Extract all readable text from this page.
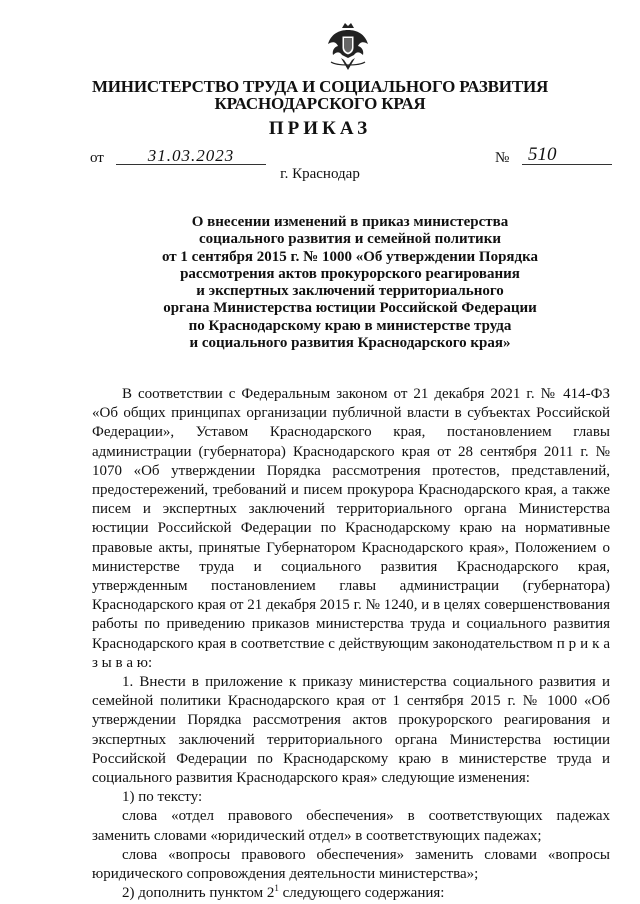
МИНИСТЕРСТВО ТРУДА И СОЦИАЛЬНОГО РАЗВИТИЯ
КРАСНОДАРСКОГО КРАЯ
ПРИКАЗ
от	31.03.2023	№ 510
г. Краснодар
О внесении изменений в приказ министерства
социального развития и семейной политики
от 1 сентября 2015 г. № 1000 «Об утверждении Порядка
рассмотрения актов прокурорского реагирования
и экспертных заключений территориального
органа Министерства юстиции Российской Федерации
по Краснодарскому краю в министерстве труда
и социального развития Краснодарского края»

В соответствии с Федеральным законом от 21 декабря 2021 г. № 414-ФЗ «Об общих принципах организации публичной власти в субъектах Российской Федерации», Уставом Краснодарского края, постановлением главы администрации (губернатора) Краснодарского края от 28 сентября 2011 г. № 1070 «Об утверждении Порядка рассмотрения протестов, представлений, предостережений, требований и писем прокурора Краснодарского края, а также писем и экспертных заключений территориального органа Министерства юстиции Российской Федерации по Краснодарскому краю на нормативные правовые акты, принятые Губернатором Краснодарского края», Положением о министерстве труда и социального развития Краснодарского края, утвержденным постановлением главы администрации (губернатора) Краснодарского края от 21 декабря 2015 г. № 1240, и в целях совершенствования работы по приведению приказов министерства труда и социального развития Краснодарского края в соответствие с действующим законодательством п р и к а з ы в а ю:

1. Внести в приложение к приказу министерства социального развития и семейной политики Краснодарского края от 1 сентября 2015 г. № 1000 «Об утверждении Порядка рассмотрения актов прокурорского реагирования и экспертных заключений территориального органа Министерства юстиции Российской Федерации по Краснодарскому краю в министерстве труда и социального развития Краснодарского края» следующие изменения:

1) по тексту:

слова «отдел правового обеспечения» в соответствующих падежах заменить словами «юридический отдел» в соответствующих падежах;

слова «вопросы правового обеспечения» заменить словами «вопросы юридического сопровождения деятельности министерства»;

2) дополнить пунктом $2^1$ следующего содержания:
